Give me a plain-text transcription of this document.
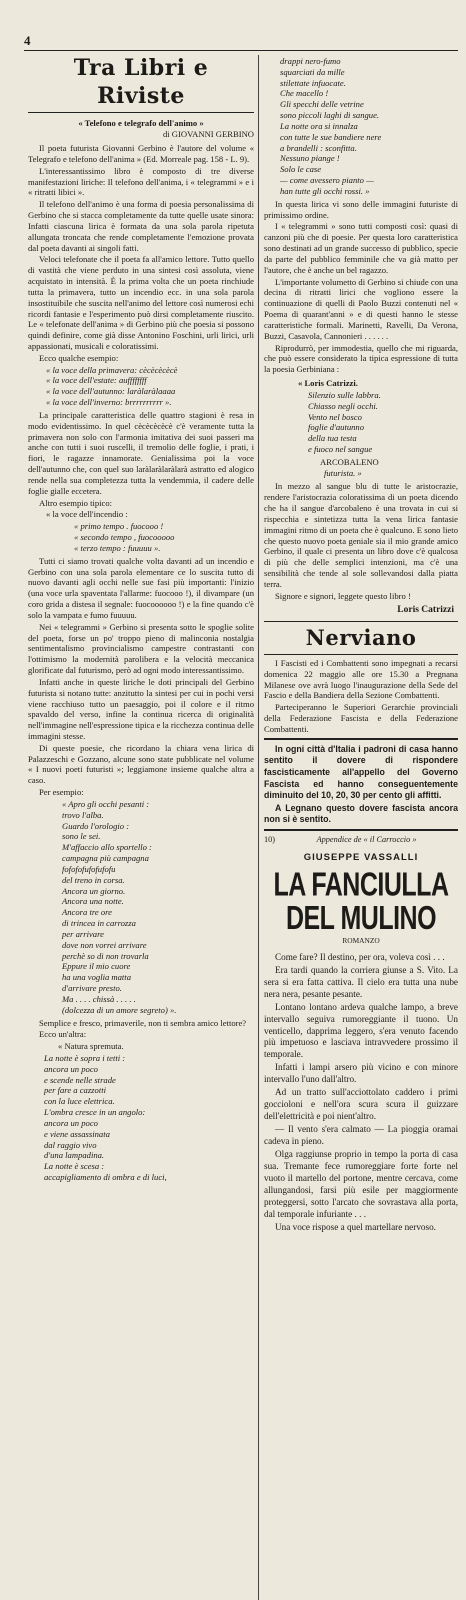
4
Tra Libri e Riviste
« Telefono e telegrafo dell'animo »
di GIOVANNI GERBINO

Il poeta futurista Giovanni Gerbino è l'autore del volume « Telegrafo e telefono dell'anima » (Ed. Morreale pag. 158 - L. 9).

L'interessantissimo libro è composto di tre diverse manifestazioni liriche: Il telefono dell'anima, i « telegrammi » e i « ritratti libici ».

Il telefono dell'animo è una forma di poesia personalissima di Gerbino che si stacca completamente da tutte quelle usate sinora: Infatti ciascuna lirica è formata da una sola parola ripetuta allungata troncata che rende completamente l'emozione provata dal poeta davanti ai singoli fatti.

Veloci telefonate che il poeta fa all'amico lettore. Tutto quello di vastità che viene perduto in una sintesi così assoluta, viene acquistato in intensità. È la prima volta che un poeta rinchiude tutta la primavera, tutto un incendio ecc. in una sola parola insostituibile che suscita nell'animo del lettore così numerosi echi ricordi fantasie e l'esperimento può dirsi completamente riuscito. Le « telefonate dell'anima » di Gerbino più che poesia si possono quindi definire, come già disse Antonino Foschini, urli lirici, urli appassionati, musicali e coloratissimi.

Ecco qualche esempio:

« la voce della primavera: cècècècècè
« la voce dell'estate: auffffffff
« la voce dell'autunno: laràlaràlaaaa
« la voce dell'inverno: brrrrrrrrrr ».

La principale caratteristica delle quattro stagioni è resa in modo evidentissimo. In quel cècècècècè c'è veramente tutta la primavera non solo con l'armonia imitativa dei suoi passeri ma anche con tutti i suoi ruscelli, il tremolio delle foglie, i prati, i fiori, le ragazze innamorate. Genialissima poi la voce dell'autunno che, con quel suo laràlaràlaràlarà astratto ed alogico rende nella sua completezza tutta la vendemmia, il cadere delle foglie gialle eccetera.

Altro esempio tipico:

« la voce dell'incendio :
« primo tempo . fuocooo !
« secondo tempo , fuocooooo
« terzo tempo : fuuuuu ».

Tutti ci siamo trovati qualche volta davanti ad un incendio e Gerbino con una sola parola elementare ce lo suscita tutto di nuovo davanti agli occhi nelle sue fasi più importanti: l'inizio (una voce urla spaventata l'allarme: fuocooo !), il divampare (un coro grida a distesa il segnale: fuocoooooo !) e la fine quando c'è solo la vampata e fumo fuuuuu.

Nei « telegrammi » Gerbino si presenta sotto le spoglie solite del poeta, forse un po' troppo pieno di malinconia nostalgia sentimentalismo provincialismo campestre contrastanti con l'ottimismo la modernità parolibera e la velocità meccanica glorificate dal futurismo, però ad ogni modo interessantissimo.

Infatti anche in queste liriche le doti principali del Gerbino futurista si notano tutte: anzitutto la sintesi per cui in pochi versi viene racchiuso tutto un paesaggio, poi il colore e il ritmo spavaldo del verso, infine la continua ricerca di originalità nell'immagine nell'espressione tipica e la ricchezza continua delle immagini stesse.

Di queste poesie, che ricordano la chiara vena lirica di Palazzeschi e Gozzano, alcune sono state pubblicate nel volume « I nuovi poeti futuristi »; leggiamone insieme qualche altra a caso.

Per esempio:

« Apro gli occhi pesanti :
trovo l'alba.
Guardo l'orologio :
sono le sei.
M'affaccio allo sportello :
campagna più campagna
fofofofufofufofu
del treno in corsa.
Ancora un giorno.
Ancora una notte.
Ancora tre ore
di trincea in carrozza
per arrivare
dove non vorrei arrivare
perchè so di non trovarla
Eppure il mio cuore
ha una voglia matta
d'arrivare presto.
Ma . . . . chissà . . . . .
(dolcezza di un amore segreto) ».

Semplice e fresco, primaverile, non ti sembra amico lettore?

Ecco un'altra:

« Natura spremuta.
La notte è sopra i tetti :
ancora un poco
e scende nelle strade
per fare a cazzotti
con la luce elettrica.
L'ombra cresce in un angolo:
ancora un poco
e viene assassinata
dal raggio vivo
d'una lampadina.
La notte è scesa :
accapigliamento di ombra e di luci,
drappi nero-fumo
squarciati da mille
stilettate infuocate.
Che macello !
Gli specchi delle vetrine
sono piccoli laghi di sangue.
La notte ora si innalza
con tutte le sue bandiere nere
a brandelli : sconfitta.
Nessuno piange !
Solo le case
— come avessero pianto —
han tutte gli occhi rossi. »

In questa lirica vi sono delle immagini futuriste di primissimo ordine.

I « telegrammi » sono tutti composti così: quasi di canzoni più che di poesie. Per questa loro caratteristica sono destinati ad un grande successo di pubblico, specie da parte del pubblico femminile che va già matto per l'autore, che è anche un bel ragazzo.

L'importante volumetto di Gerbino si chiude con una decina di ritratti lirici che vogliono essere la continuazione di quelli di Paolo Buzzi contenuti nel « Poema di quarant'anni » e di questi hanno le stesse caratteristiche formali. Marinetti, Ravelli, Da Verona, Buzzi, Casavola, Cannonieri . . . . . .

Riprodurrò, per immodestia, quello che mi riguarda, che può essere considerato la tipica espressione di tutta la poesia Gerbiniana :

« Loris Catrizzi.
Silenzio sulle labbra.
Chiasso negli occhi.
Vento nel bosco
foglie d'autunno
della tua testa
e fuoco nel sangue
ARCOBALENO
futurista. »

In mezzo al sangue blu di tutte le aristocrazie, rendere l'aristocrazia coloratissima di un poeta dicendo che ha il sangue d'arcobaleno è una trovata in cui si rispecchia e sintetizza tutta la vena lirica fantasie immagini ritmo di un poeta che è qualcuno. E sono lieto che questo nuovo poeta geniale sia il mio grande amico Gerbino, il quale ci presenta un libro dove c'è qualcosa di più che delle semplici intenzioni, ma c'è una sensibilità che tende al sole sollevandosi dalla piatta terra.

Signore e signori, leggete questo libro !

Loris Catrizzi
Nerviano

I Fascisti ed i Combattenti sono impegnati a recarsi domenica 22 maggio alle ore 15.30 a Pregnana Milanese ove avrà luogo l'inaugurazione della Sede del Fascio e della Bandiera della Sezione Combattenti.

Parteciperanno le Superiori Gerarchie provinciali della Federazione Fascista e della Federazione Combattenti.

In ogni città d'Italia i padroni di casa hanno sentito il dovere di rispondere fascisticamente all'appello del Governo Fascista ed hanno conseguentemente diminuito del 10, 20, 30 per cento gli affitti.

A Legnano questo dovere fascista ancora non si è sentito.

10)	Appendice de « il Carroccio »
GIUSEPPE VASSALLI
LA FANCIULLA DEL MULINO
ROMANZO

Come fare? Il destino, per ora, voleva così . . .

Era tardi quando la corriera giunse a S. Vito. La sera si era fatta cattiva. Il cielo era tutta una nube nera nera, pesante pesante.

Lontano lontano ardeva qualche lampo, a breve intervallo seguiva rumoreggiante il tuono. Un venticello, dapprima leggero, s'era venuto facendo più impetuoso e lasciava intravvedere prossimo il temporale.

Infatti i lampi arsero più vicino e con minore intervallo l'uno dall'altro.

Ad un tratto sull'acciottolato caddero i primi goccioloni e nell'ora scura scura il guizzare dell'elettricità e poi nient'altro.

— Il vento s'era calmato — La pioggia oramai cadeva in pieno.

Olga raggiunse proprio in tempo la porta di casa sua. Tremante fece rumoreggiare forte forte nel vuoto il martello del portone, mentre cercava, come allungandosi, farsi più esile per maggiormente proteggersi, sotto l'arcato che sovrastava alla porta, dal temporale infuriante . . .

Una voce rispose a quel martellare nervoso.
